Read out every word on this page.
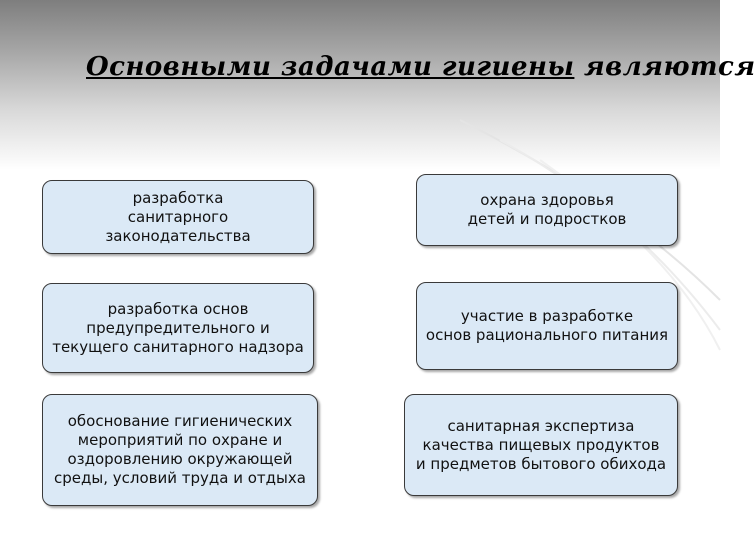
Основными задачами гигиены являются
разработка
санитарного
законодательства
охрана здоровья
детей и подростков
разработка основ
предупредительного и
текущего санитарного надзора
участие в разработке
основ рационального питания
обоснование гигиенических
мероприятий по охране и
оздоровлению окружающей
среды, условий труда и отдыха
санитарная экспертиза
качества пищевых продуктов
и предметов бытового обихода
